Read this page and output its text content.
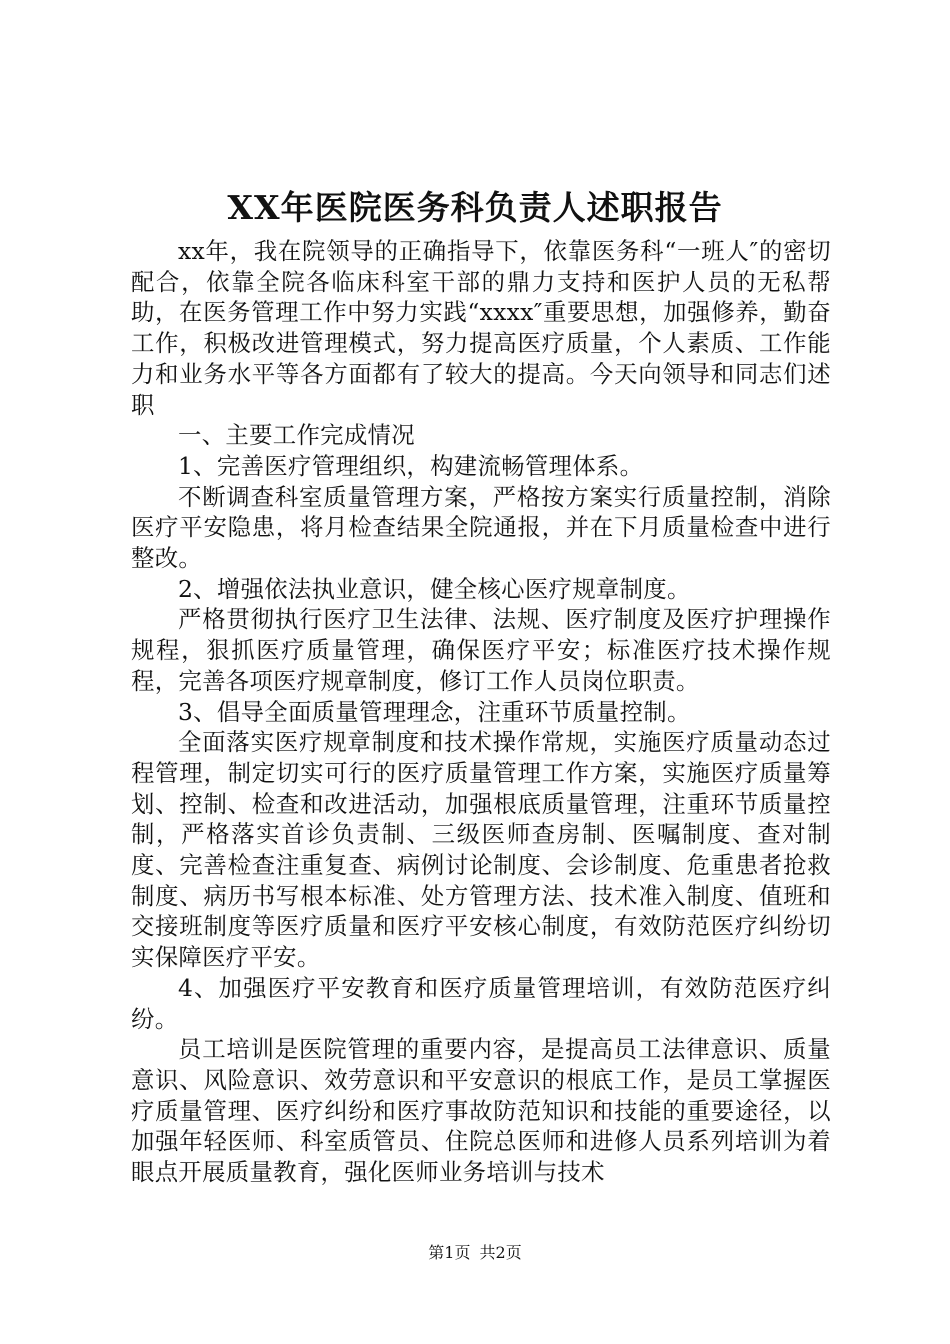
XX年医院医务科负责人述职报告

xx年，我在院领导的正确指导下，依靠医务科“一班人″的密切配合，依靠全院各临床科室干部的鼎力支持和医护人员的无私帮助，在医务管理工作中努力实践“xxxx″重要思想，加强修养，勤奋工作，积极改进管理模式，努力提高医疗质量，个人素质、工作能力和业务水平等各方面都有了较大的提高。今天向领导和同志们述职

一、主要工作完成情况

1、完善医疗管理组织，构建流畅管理体系。

不断调查科室质量管理方案，严格按方案实行质量控制，消除医疗平安隐患，将月检查结果全院通报，并在下月质量检查中进行整改。

2、增强依法执业意识，健全核心医疗规章制度。

严格贯彻执行医疗卫生法律、法规、医疗制度及医疗护理操作规程，狠抓医疗质量管理，确保医疗平安；标准医疗技术操作规程，完善各项医疗规章制度，修订工作人员岗位职责。

3、倡导全面质量管理理念，注重环节质量控制。

全面落实医疗规章制度和技术操作常规，实施医疗质量动态过程管理，制定切实可行的医疗质量管理工作方案，实施医疗质量筹划、控制、检查和改进活动，加强根底质量管理，注重环节质量控制，严格落实首诊负责制、三级医师查房制、医嘱制度、查对制度、完善检查注重复查、病例讨论制度、会诊制度、危重患者抢救制度、病历书写根本标准、处方管理方法、技术准入制度、值班和交接班制度等医疗质量和医疗平安核心制度，有效防范医疗纠纷切实保障医疗平安。

4、加强医疗平安教育和医疗质量管理培训，有效防范医疗纠纷。

员工培训是医院管理的重要内容，是提高员工法律意识、质量意识、风险意识、效劳意识和平安意识的根底工作，是员工掌握医疗质量管理、医疗纠纷和医疗事故防范知识和技能的重要途径，以加强年轻医师、科室质管员、住院总医师和进修人员系列培训为着眼点开展质量教育，强化医师业务培训与技术

第1页 共2页
